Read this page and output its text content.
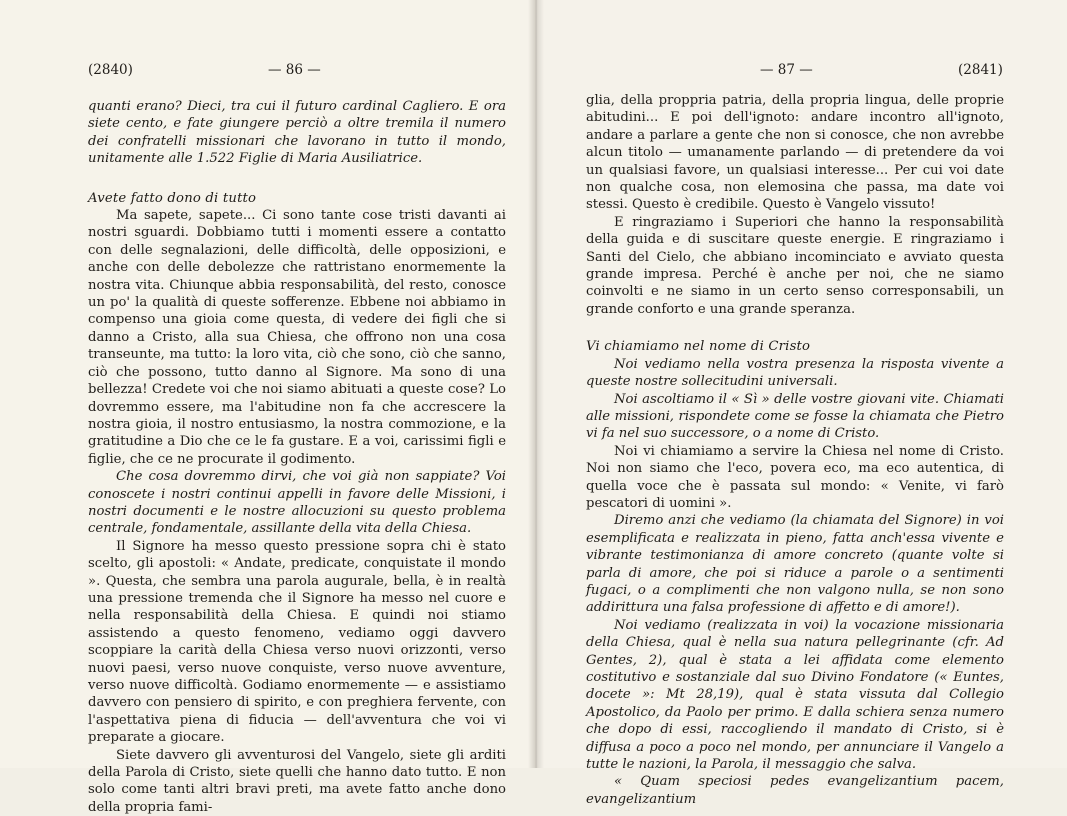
(2840)	— 86 —

quanti erano? Dieci, tra cui il futuro cardinal Cagliero. E ora siete cento, e fate giungere perciò a oltre tremila il numero dei confratelli missionari che lavorano in tutto il mondo, unitamente alle 1.522 Figlie di Maria Ausiliatrice.

Avete fatto dono di tutto

Ma sapete, sapete... Ci sono tante cose tristi davanti ai nostri sguardi. Dobbiamo tutti i momenti essere a contatto con delle segnalazioni, delle difficoltà, delle opposizioni, e anche con delle debolezze che rattristano enormemente la nostra vita. Chiunque abbia responsabilità, del resto, conosce un po' la qualità di queste sofferenze. Ebbene noi abbiamo in compenso una gioia come questa, di vedere dei figli che si danno a Cristo, alla sua Chiesa, che offrono non una cosa transeunte, ma tutto: la loro vita, ciò che sono, ciò che sanno, ciò che possono, tutto danno al Signore. Ma sono di una bellezza! Credete voi che noi siamo abituati a queste cose? Lo dovremmo essere, ma l'abitudine non fa che accrescere la nostra gioia, il nostro entusiasmo, la nostra commozione, e la gratitudine a Dio che ce le fa gustare. E a voi, carissimi figli e figlie, che ce ne procurate il godimento.

Che cosa dovremmo dirvi, che voi già non sappiate? Voi conoscete i nostri continui appelli in favore delle Missioni, i nostri documenti e le nostre allocuzioni su questo problema centrale, fondamentale, assillante della vita della Chiesa.

Il Signore ha messo questo pressione sopra chi è stato scelto, gli apostoli: « Andate, predicate, conquistate il mondo ». Questa, che sembra una parola augurale, bella, è in realtà una pressione tremenda che il Signore ha messo nel cuore e nella responsabilità della Chiesa. E quindi noi stiamo assistendo a questo fenomeno, vediamo oggi davvero scoppiare la carità della Chiesa verso nuovi orizzonti, verso nuovi paesi, verso nuove conquiste, verso nuove avventure, verso nuove difficoltà. Godiamo enormemente — e assistiamo davvero con pensiero di spirito, e con preghiera fervente, con l'aspettativa piena di fiducia — dell'avventura che voi vi preparate a giocare.

Siete davvero gli avventurosi del Vangelo, siete gli arditi della Parola di Cristo, siete quelli che hanno dato tutto. E non solo come tanti altri bravi preti, ma avete fatto anche dono della propria fami-

— 87 —	(2841)

glia, della proppria patria, della propria lingua, delle proprie abitudini... E poi dell'ignoto: andare incontro all'ignoto, andare a parlare a gente che non si conosce, che non avrebbe alcun titolo — umanamente parlando — di pretendere da voi un qualsiasi favore, un qualsiasi interesse... Per cui voi date non qualche cosa, non elemosina che passa, ma date voi stessi. Questo è credibile. Questo è Vangelo vissuto!

E ringraziamo i Superiori che hanno la responsabilità della guida e di suscitare queste energie. E ringraziamo i Santi del Cielo, che abbiano incominciato e avviato questa grande impresa. Perché è anche per noi, che ne siamo coinvolti e ne siamo in un certo senso corresponsabili, un grande conforto e una grande speranza.

Vi chiamiamo nel nome di Cristo

Noi vediamo nella vostra presenza la risposta vivente a queste nostre sollecitudini universali.

Noi ascoltiamo il « Sì » delle vostre giovani vite. Chiamati alle missioni, rispondete come se fosse la chiamata che Pietro vi fa nel suo successore, o a nome di Cristo.

Noi vi chiamiamo a servire la Chiesa nel nome di Cristo. Noi non siamo che l'eco, povera eco, ma eco autentica, di quella voce che è passata sul mondo: « Venite, vi farò pescatori di uomini ».

Diremo anzi che vediamo (la chiamata del Signore) in voi esemplificata e realizzata in pieno, fatta anch'essa vivente e vibrante testimonianza di amore concreto (quante volte si parla di amore, che poi si riduce a parole o a sentimenti fugaci, o a complimenti che non valgono nulla, se non sono addirittura una falsa professione di affetto e di amore!).

Noi vediamo (realizzata in voi) la vocazione missionaria della Chiesa, qual è nella sua natura pellegrinante (cfr. Ad Gentes, 2), qual è stata a lei affidata come elemento costitutivo e sostanziale dal suo Divino Fondatore (« Euntes, docete »: Mt 28,19), qual è stata vissuta dal Collegio Apostolico, da Paolo per primo. E dalla schiera senza numero che dopo di essi, raccogliendo il mandato di Cristo, si è diffusa a poco a poco nel mondo, per annunciare il Vangelo a tutte le nazioni, la Parola, il messaggio che salva.

« Quam speciosi pedes evangelizantium pacem, evangelizantium
